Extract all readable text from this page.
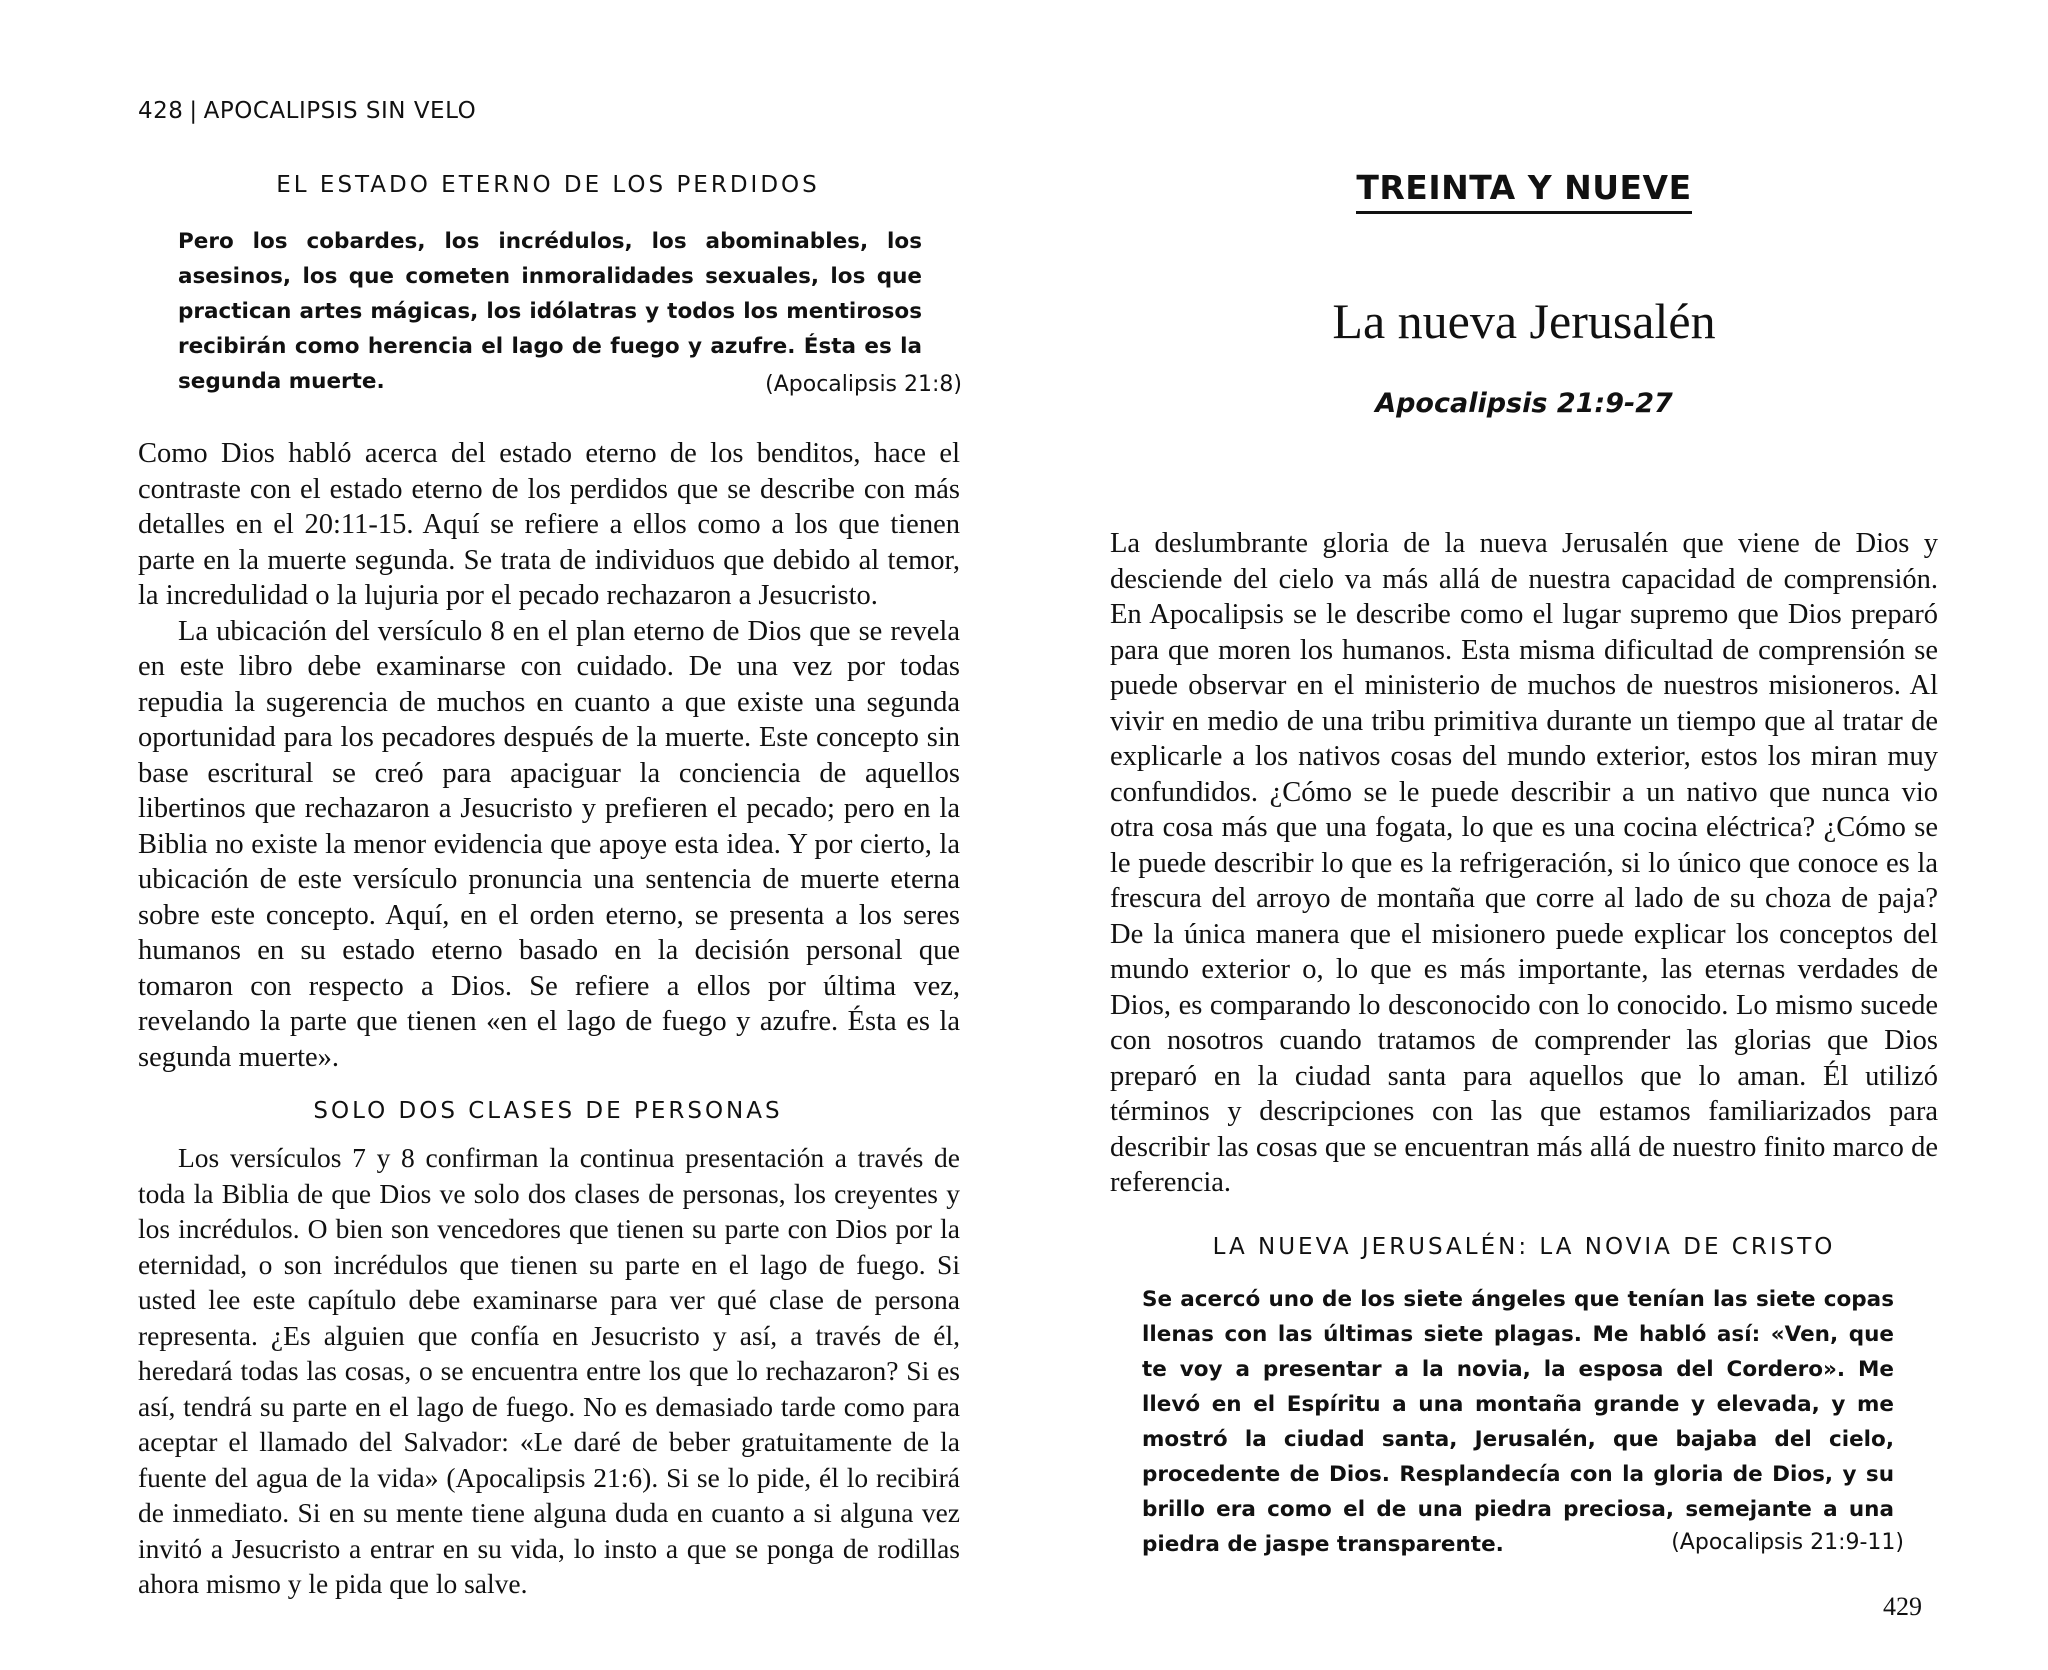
428 | APOCALIPSIS SIN VELO
EL ESTADO ETERNO DE LOS PERDIDOS
Pero los cobardes, los incrédulos, los abominables, los asesinos, los que cometen inmoralidades sexuales, los que practican artes mágicas, los idólatras y todos los mentirosos recibirán como herencia el lago de fuego y azufre. Ésta es la segunda muerte.	(Apocalipsis 21:8)

Como Dios habló acerca del estado eterno de los benditos, hace el contraste con el estado eterno de los perdidos que se describe con más detalles en el 20:11-15. Aquí se refiere a ellos como a los que tienen parte en la muerte segunda. Se trata de individuos que debido al temor, la incredulidad o la lujuria por el pecado rechazaron a Jesucristo.

La ubicación del versículo 8 en el plan eterno de Dios que se revela en este libro debe examinarse con cuidado. De una vez por todas repudia la sugerencia de muchos en cuanto a que existe una segunda oportunidad para los pecadores después de la muerte. Este concepto sin base escritural se creó para apaciguar la conciencia de aquellos libertinos que rechazaron a Jesucristo y prefieren el pecado; pero en la Biblia no existe la menor evidencia que apoye esta idea. Y por cierto, la ubicación de este versículo pronuncia una sentencia de muerte eterna sobre este concepto. Aquí, en el orden eterno, se presenta a los seres humanos en su estado eterno basado en la decisión personal que tomaron con respecto a Dios. Se refiere a ellos por última vez, revelando la parte que tienen «en el lago de fuego y azufre. Ésta es la segunda muerte».

SOLO DOS CLASES DE PERSONAS

Los versículos 7 y 8 confirman la continua presentación a través de toda la Biblia de que Dios ve solo dos clases de personas, los creyentes y los incrédulos. O bien son vencedores que tienen su parte con Dios por la eternidad, o son incrédulos que tienen su parte en el lago de fuego. Si usted lee este capítulo debe examinarse para ver qué clase de persona representa. ¿Es alguien que confía en Jesucristo y así, a través de él, heredará todas las cosas, o se encuentra entre los que lo rechazaron? Si es así, tendrá su parte en el lago de fuego. No es demasiado tarde como para aceptar el llamado del Salvador: «Le daré de beber gratuitamente de la fuente del agua de la vida» (Apocalipsis 21:6). Si se lo pide, él lo recibirá de inmediato. Si en su mente tiene alguna duda en cuanto a si alguna vez invitó a Jesucristo a entrar en su vida, lo insto a que se ponga de rodillas ahora mismo y le pida que lo salve.

TREINTA Y NUEVE
La nueva Jerusalén
Apocalipsis 21:9-27

La deslumbrante gloria de la nueva Jerusalén que viene de Dios y desciende del cielo va más allá de nuestra capacidad de comprensión. En Apocalipsis se le describe como el lugar supremo que Dios preparó para que moren los humanos. Esta misma dificultad de comprensión se puede observar en el ministerio de muchos de nuestros misioneros. Al vivir en medio de una tribu primitiva durante un tiempo que al tratar de explicarle a los nativos cosas del mundo exterior, estos los miran muy confundidos. ¿Cómo se le puede describir a un nativo que nunca vio otra cosa más que una fogata, lo que es una cocina eléctrica? ¿Cómo se le puede describir lo que es la refrigeración, si lo único que conoce es la frescura del arroyo de montaña que corre al lado de su choza de paja? De la única manera que el misionero puede explicar los conceptos del mundo exterior o, lo que es más importante, las eternas verdades de Dios, es comparando lo desconocido con lo conocido. Lo mismo sucede con nosotros cuando tratamos de comprender las glorias que Dios preparó en la ciudad santa para aquellos que lo aman. Él utilizó términos y descripciones con las que estamos familiarizados para describir las cosas que se encuentran más allá de nuestro finito marco de referencia.

LA NUEVA JERUSALÉN: LA NOVIA DE CRISTO
Se acercó uno de los siete ángeles que tenían las siete copas llenas con las últimas siete plagas. Me habló así: «Ven, que te voy a presentar a la novia, la esposa del Cordero». Me llevó en el Espíritu a una montaña grande y elevada, y me mostró la ciudad santa, Jerusalén, que bajaba del cielo, procedente de Dios. Resplandecía con la gloria de Dios, y su brillo era como el de una piedra preciosa, semejante a una piedra de jaspe transparente.	(Apocalipsis 21:9-11)
429
